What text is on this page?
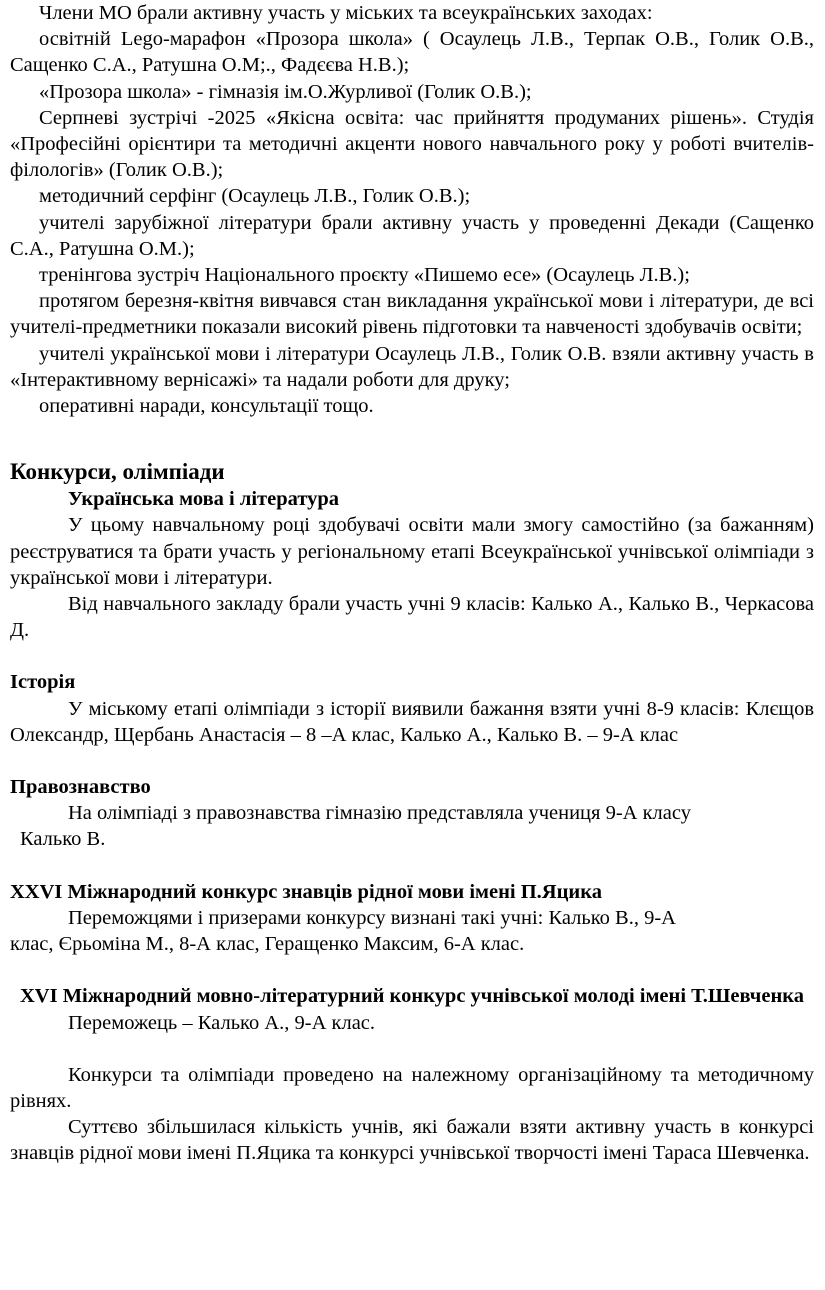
Члени МО брали активну участь у міських та всеукраїнських заходах:

освітній Lego-марафон «Прозора школа» ( Осаулець Л.В., Терпак О.В., Голик О.В., Сащенко С.А., Ратушна О.М;., Фадєєва Н.В.);

«Прозора школа» - гімназія ім.О.Журливої (Голик О.В.);

Серпневі зустрічі -2025 «Якісна освіта: час прийняття продуманих рішень». Студія «Професійні орієнтири та методичні акценти нового навчального року у роботі вчителів-філологів» (Голик О.В.);

методичний серфінг (Осаулець Л.В., Голик О.В.);

учителі зарубіжної літератури брали активну участь у проведенні Декади (Сащенко С.А., Ратушна О.М.);

тренінгова зустріч Національного проєкту «Пишемо есе» (Осаулець Л.В.);

протягом березня-квітня вивчався стан викладання української мови і літератури, де всі учителі-предметники показали високий рівень підготовки та навченості здобувачів освіти;

учителі української мови і літератури Осаулець Л.В., Голик О.В. взяли активну участь в «Інтерактивному вернісажі» та надали роботи для друку;

оперативні наради, консультації тощо.

Конкурси, олімпіади
Українська мова і література

У цьому навчальному році здобувачі освіти мали змогу самостійно (за бажанням) реєструватися та брати участь у регіональному етапі Всеукраїнської учнівської олімпіади з української мови і літератури.

Від навчального закладу брали участь учні 9 класів: Калько А., Калько В., Черкасова Д.

Історія

У міському етапі олімпіади з історії виявили бажання взяти учні 8-9 класів: Клєщов Олександр, Щербань Анастасія – 8 –А клас, Калько А., Калько В. – 9-А клас

Правознавство
На олімпіаді з правознавства гімназію представляла учениця 9-А класу
Калько В.
XXVI Міжнародний конкурс знавців рідної мови імені П.Яцика
Переможцями і призерами конкурсу визнані такі учні: Калько В., 9-А
клас, Єрьоміна М., 8-А клас, Геращенко Максим, 6-А клас.
XVI Міжнародний мовно-літературний конкурс учнівської молоді імені Т.Шевченка

Переможець – Калько А., 9-А клас.

Конкурси та олімпіади проведено на належному організаційному та методичному рівнях.

Суттєво збільшилася кількість учнів, які бажали взяти активну участь в конкурсі знавців рідної мови імені П.Яцика та конкурсі учнівської творчості імені Тараса Шевченка.
